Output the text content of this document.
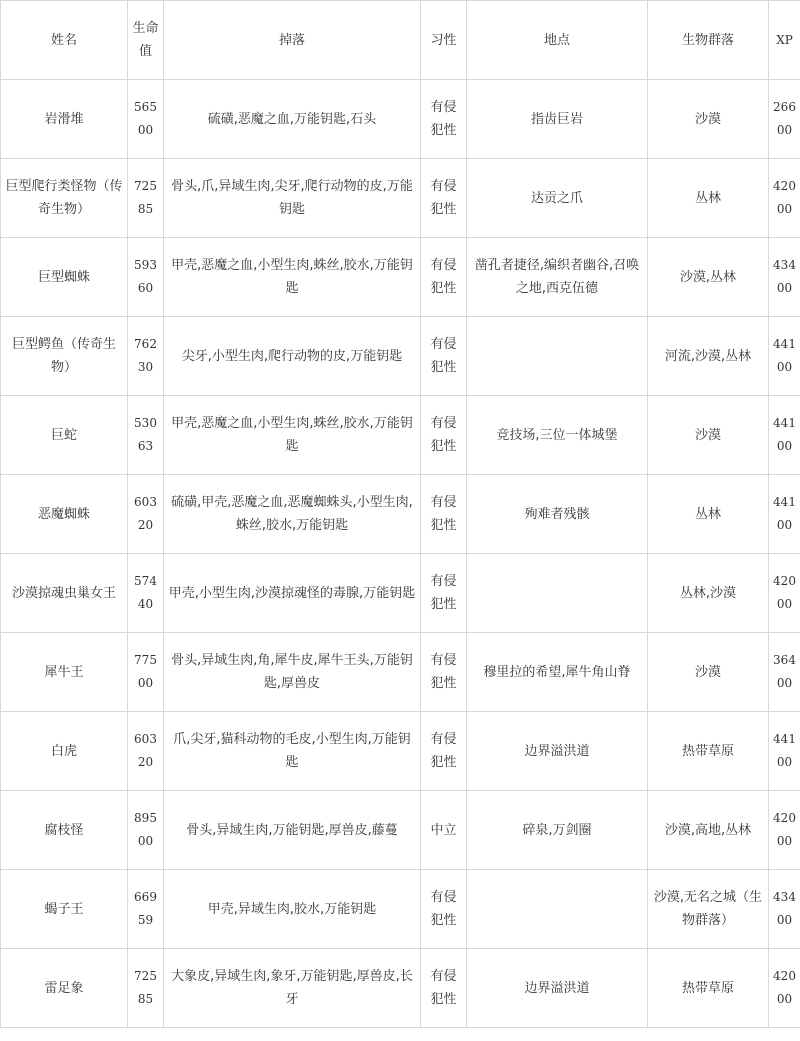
姓名	生命值	掉落	习性	地点	生物群落	XP
岩滑堆	56500	硫磺,恶魔之血,万能钥匙,石头	有侵犯性	指齿巨岩	沙漠	26600
巨型爬行类怪物（传奇生物）	72585	骨头,爪,异域生肉,尖牙,爬行动物的皮,万能钥匙	有侵犯性	达贡之爪	丛林	42000
巨型蜘蛛	59360	甲壳,恶魔之血,小型生肉,蛛丝,胶水,万能钥匙	有侵犯性	凿孔者捷径,编织者幽谷,召唤之地,西克伍德	沙漠,丛林	43400
巨型鳄鱼（传奇生物）	76230	尖牙,小型生肉,爬行动物的皮,万能钥匙	有侵犯性		河流,沙漠,丛林	44100
巨蛇	53063	甲壳,恶魔之血,小型生肉,蛛丝,胶水,万能钥匙	有侵犯性	竞技场,三位一体城堡	沙漠	44100
恶魔蜘蛛	60320	硫磺,甲壳,恶魔之血,恶魔蜘蛛头,小型生肉,蛛丝,胶水,万能钥匙	有侵犯性	殉难者残骸	丛林	44100
沙漠掠魂虫巢女王	57440	甲壳,小型生肉,沙漠掠魂怪的毒腺,万能钥匙	有侵犯性		丛林,沙漠	42000
犀牛王	77500	骨头,异域生肉,角,犀牛皮,犀牛王头,万能钥匙,厚兽皮	有侵犯性	穆里拉的希望,犀牛角山脊	沙漠	36400
白虎	60320	爪,尖牙,猫科动物的毛皮,小型生肉,万能钥匙	有侵犯性	边界溢洪道	热带草原	44100
腐枝怪	89500	骨头,异域生肉,万能钥匙,厚兽皮,藤蔓	中立	碎泉,万剑圈	沙漠,高地,丛林	42000
蝎子王	66959	甲壳,异域生肉,胶水,万能钥匙	有侵犯性		沙漠,无名之城（生物群落）	43400
雷足象	72585	大象皮,异域生肉,象牙,万能钥匙,厚兽皮,长牙	有侵犯性	边界溢洪道	热带草原	42000
